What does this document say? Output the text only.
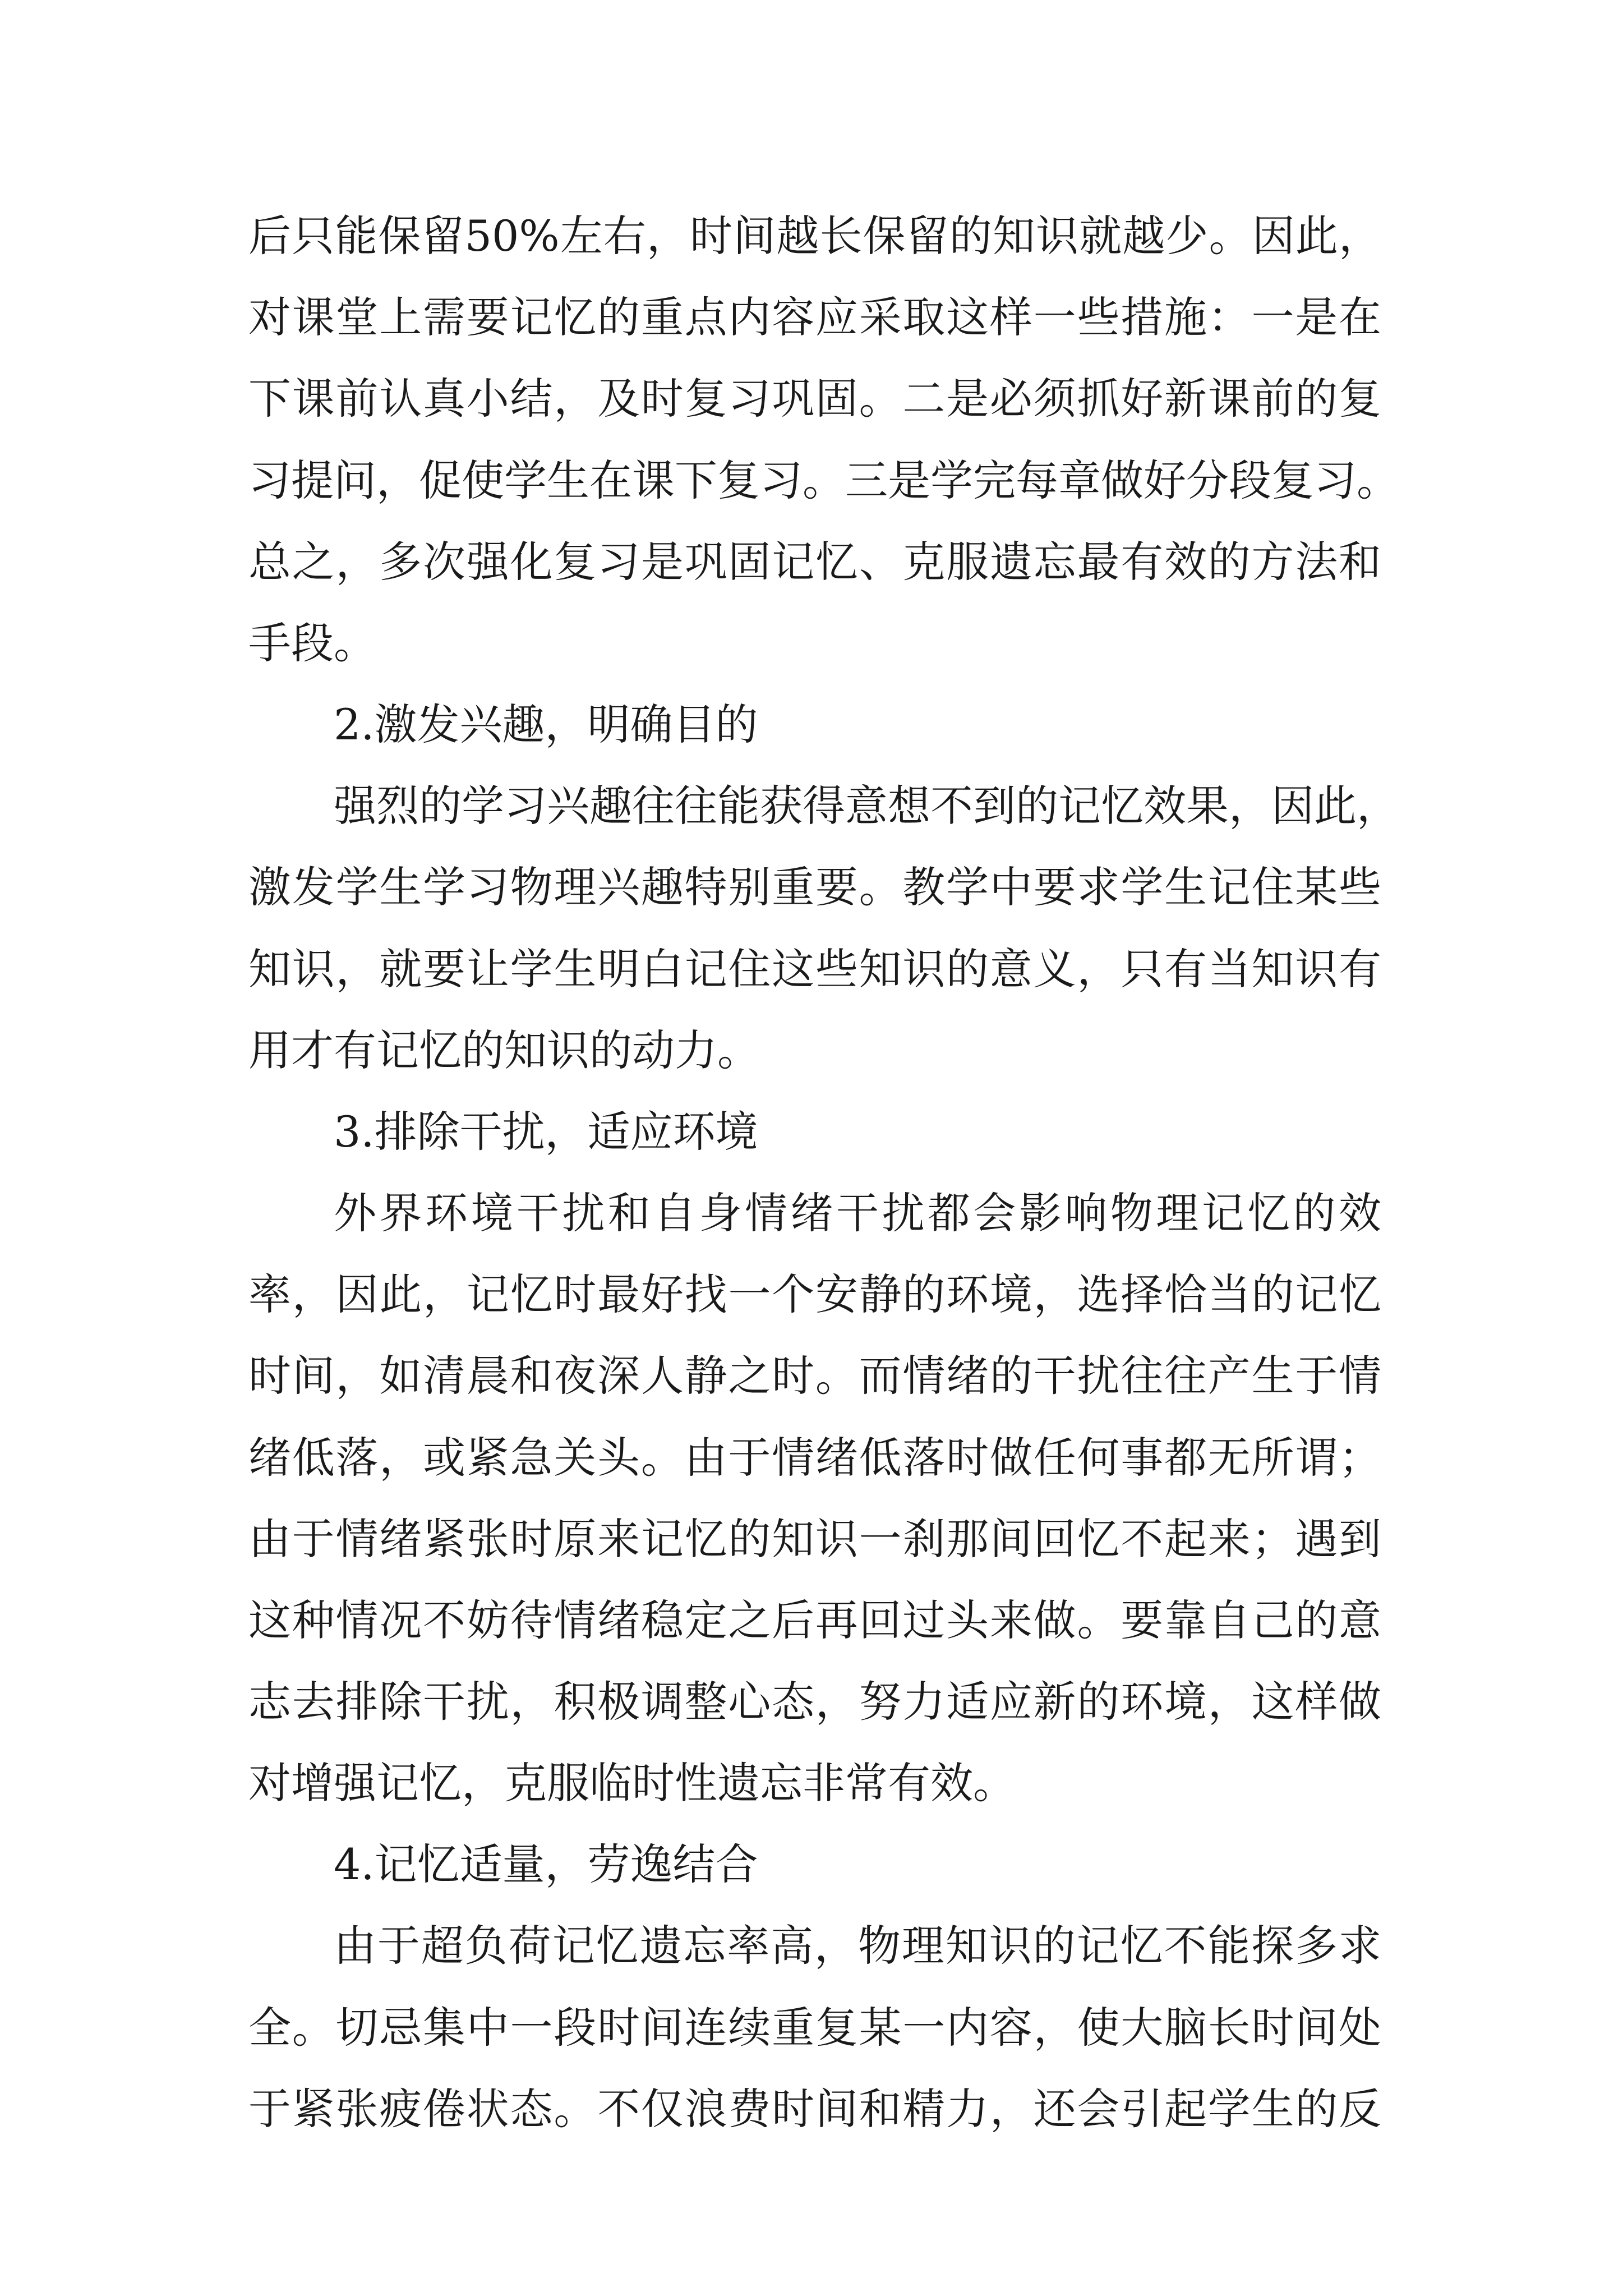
后只能保留50%左右，时间越长保留的知识就越少。因此，
对课堂上需要记忆的重点内容应采取这样一些措施：一是在
下课前认真小结，及时复习巩固。二是必须抓好新课前的复
习提问，促使学生在课下复习。三是学完每章做好分段复习。
总之，多次强化复习是巩固记忆、克服遗忘最有效的方法和
手段。
2.激发兴趣，明确目的
强烈的学习兴趣往往能获得意想不到的记忆效果，因此，
激发学生学习物理兴趣特别重要。教学中要求学生记住某些
知识，就要让学生明白记住这些知识的意义，只有当知识有
用才有记忆的知识的动力。
3.排除干扰，适应环境
外界环境干扰和自身情绪干扰都会影响物理记忆的效
率，因此，记忆时最好找一个安静的环境，选择恰当的记忆
时间，如清晨和夜深人静之时。而情绪的干扰往往产生于情
绪低落，或紧急关头。由于情绪低落时做任何事都无所谓；
由于情绪紧张时原来记忆的知识一刹那间回忆不起来；遇到
这种情况不妨待情绪稳定之后再回过头来做。要靠自己的意
志去排除干扰，积极调整心态，努力适应新的环境，这样做
对增强记忆，克服临时性遗忘非常有效。
4.记忆适量，劳逸结合
由于超负荷记忆遗忘率高，物理知识的记忆不能探多求
全。切忌集中一段时间连续重复某一内容，使大脑长时间处
于紧张疲倦状态。不仅浪费时间和精力，还会引起学生的反
